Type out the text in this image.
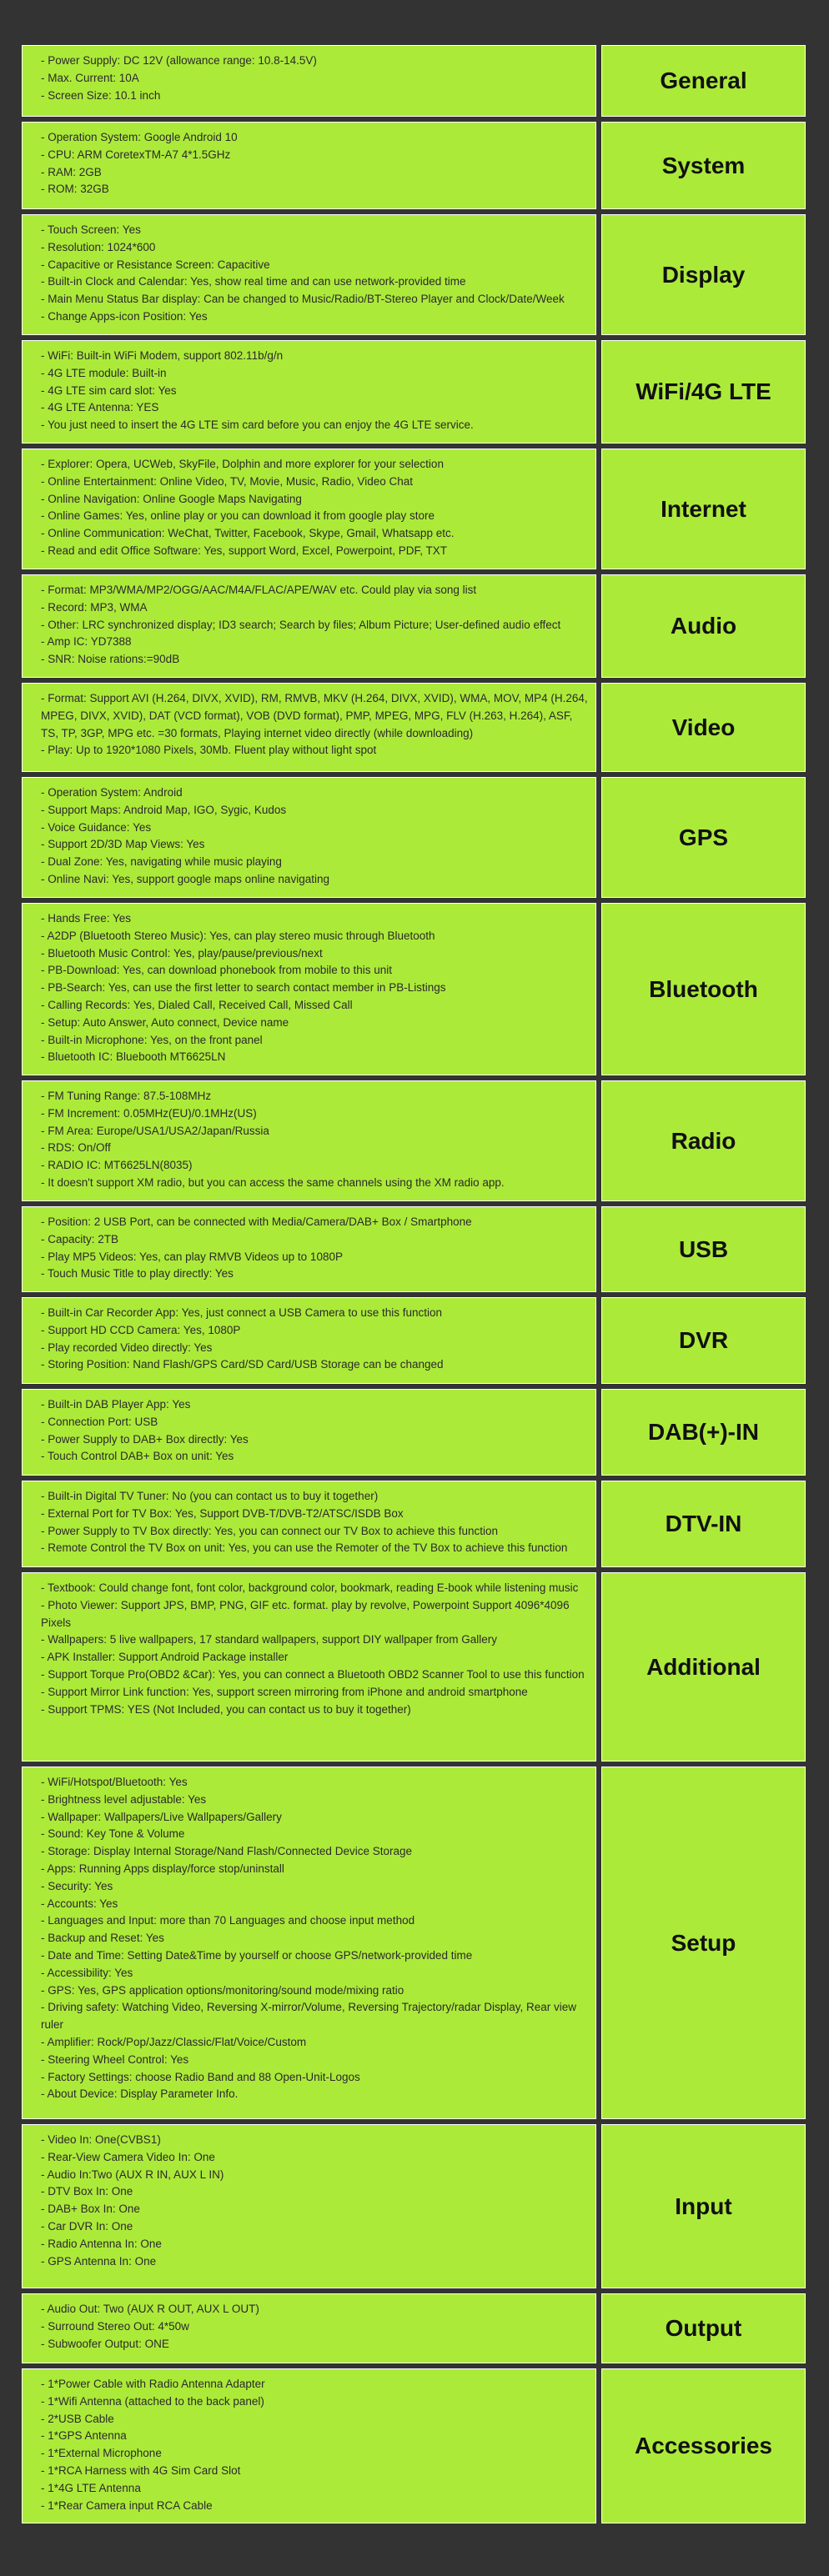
- Power Supply: DC 12V (allowance range: 10.8-14.5V)
- Max. Current: 10A
- Screen Size: 10.1 inch
General
- Operation System: Google Android 10
- CPU: ARM CoretexTM-A7 4*1.5GHz
- RAM: 2GB
- ROM: 32GB
System
- Touch Screen: Yes
- Resolution: 1024*600
- Capacitive or Resistance Screen: Capacitive
- Built-in Clock and Calendar: Yes, show real time and can use network-provided time
- Main Menu Status Bar display: Can be changed to Music/Radio/BT-Stereo Player and Clock/Date/Week
- Change Apps-icon Position: Yes
Display
- WiFi: Built-in WiFi Modem, support 802.11b/g/n
- 4G LTE module: Built-in
- 4G LTE sim card slot: Yes
- 4G LTE Antenna: YES
- You just need to insert the 4G LTE sim card before you can enjoy the 4G LTE service.
WiFi/4G LTE
- Explorer: Opera, UCWeb, SkyFile, Dolphin and more explorer for your selection
- Online Entertainment: Online Video, TV, Movie, Music, Radio, Video Chat
- Online Navigation: Online Google Maps Navigating
- Online Games: Yes, online play or you can download it from google play store
- Online Communication: WeChat, Twitter, Facebook, Skype, Gmail, Whatsapp etc.
- Read and edit Office Software: Yes, support Word, Excel, Powerpoint, PDF, TXT
Internet
- Format: MP3/WMA/MP2/OGG/AAC/M4A/FLAC/APE/WAV etc. Could play via song list
- Record: MP3, WMA
- Other: LRC synchronized display; ID3 search; Search by files; Album Picture; User-defined audio effect
- Amp IC: YD7388
- SNR: Noise rations:=90dB
Audio
- Format: Support AVI (H.264, DIVX, XVID), RM, RMVB, MKV (H.264, DIVX, XVID), WMA, MOV, MP4 (H.264, MPEG, DIVX, XVID), DAT (VCD format), VOB (DVD format), PMP, MPEG, MPG, FLV (H.263, H.264), ASF, TS, TP, 3GP, MPG etc. =30 formats, Playing internet video directly (while downloading)
- Play: Up to 1920*1080 Pixels, 30Mb. Fluent play without light spot
Video
- Operation System: Android
- Support Maps: Android Map, IGO, Sygic, Kudos
- Voice Guidance: Yes
- Support 2D/3D Map Views: Yes
- Dual Zone: Yes, navigating while music playing
- Online Navi: Yes, support google maps online navigating
GPS
- Hands Free: Yes
- A2DP (Bluetooth Stereo Music): Yes, can play stereo music through Bluetooth
- Bluetooth Music Control: Yes, play/pause/previous/next
- PB-Download: Yes, can download phonebook from mobile to this unit
- PB-Search: Yes, can use the first letter to search contact member in PB-Listings
- Calling Records: Yes, Dialed Call, Received Call, Missed Call
- Setup: Auto Answer, Auto connect, Device name
- Built-in Microphone: Yes, on the front panel
- Bluetooth IC: Bluebooth MT6625LN
Bluetooth
- FM Tuning Range: 87.5-108MHz
- FM Increment: 0.05MHz(EU)/0.1MHz(US)
- FM Area: Europe/USA1/USA2/Japan/Russia
- RDS: On/Off
- RADIO IC: MT6625LN(8035)
- It doesn't support XM radio, but you can access the same channels using the XM radio app.
Radio
- Position: 2 USB Port, can be connected with Media/Camera/DAB+ Box / Smartphone
- Capacity: 2TB
- Play MP5 Videos: Yes, can play RMVB Videos up to 1080P
- Touch Music Title to play directly: Yes
USB
- Built-in Car Recorder App: Yes, just connect a USB Camera to use this function
- Support HD CCD Camera: Yes, 1080P
- Play recorded Video directly: Yes
- Storing Position: Nand Flash/GPS Card/SD Card/USB Storage can be changed
DVR
- Built-in DAB Player App: Yes
- Connection Port: USB
- Power Supply to DAB+ Box directly: Yes
- Touch Control DAB+ Box on unit: Yes
DAB(+)-IN
- Built-in Digital TV Tuner: No (you can contact us to buy it together)
- External Port for TV Box: Yes, Support DVB-T/DVB-T2/ATSC/ISDB Box
- Power Supply to TV Box directly: Yes, you can connect our TV Box to achieve this function
- Remote Control the TV Box on unit: Yes, you can use the Remoter of the TV Box to achieve this function
DTV-IN
- Textbook: Could change font, font color, background color, bookmark, reading E-book while listening music
- Photo Viewer: Support JPS, BMP, PNG, GIF etc. format. play by revolve, Powerpoint Support 4096*4096 Pixels
- Wallpapers: 5 live wallpapers, 17 standard wallpapers, support DIY wallpaper from Gallery
- APK Installer: Support Android Package installer
- Support Torque Pro(OBD2 &Car): Yes, you can connect a Bluetooth OBD2 Scanner Tool to use this function
- Support Mirror Link function: Yes, support screen mirroring from iPhone and android smartphone
- Support TPMS: YES (Not Included, you can contact us to buy it together)
Additional
- WiFi/Hotspot/Bluetooth: Yes
- Brightness level adjustable: Yes
- Wallpaper: Wallpapers/Live Wallpapers/Gallery
- Sound: Key Tone & Volume
- Storage: Display Internal Storage/Nand Flash/Connected Device Storage
- Apps: Running Apps display/force stop/uninstall
- Security: Yes
- Accounts: Yes
- Languages and Input: more than 70 Languages and choose input method
- Backup and Reset: Yes
- Date and Time: Setting Date&Time by yourself or choose GPS/network-provided time
- Accessibility: Yes
- GPS: Yes, GPS application options/monitoring/sound mode/mixing ratio
- Driving safety: Watching Video, Reversing X-mirror/Volume, Reversing Trajectory/radar Display, Rear view ruler
- Amplifier: Rock/Pop/Jazz/Classic/Flat/Voice/Custom
- Steering Wheel Control: Yes
- Factory Settings: choose Radio Band and 88 Open-Unit-Logos
- About Device: Display Parameter Info.
Setup
- Video In: One(CVBS1)
- Rear-View Camera Video In: One
- Audio In:Two (AUX R IN, AUX L IN)
- DTV Box In: One
- DAB+ Box In: One
- Car DVR In: One
- Radio Antenna In: One
- GPS Antenna In: One
Input
- Audio Out: Two (AUX R OUT, AUX L OUT)
- Surround Stereo Out: 4*50w
- Subwoofer Output: ONE
Output
- 1*Power Cable with Radio Antenna Adapter
- 1*Wifi Antenna (attached to the back panel)
- 2*USB Cable
- 1*GPS Antenna
- 1*External Microphone
- 1*RCA Harness with 4G Sim Card Slot
- 1*4G LTE Antenna
- 1*Rear Camera input RCA Cable
Accessories
